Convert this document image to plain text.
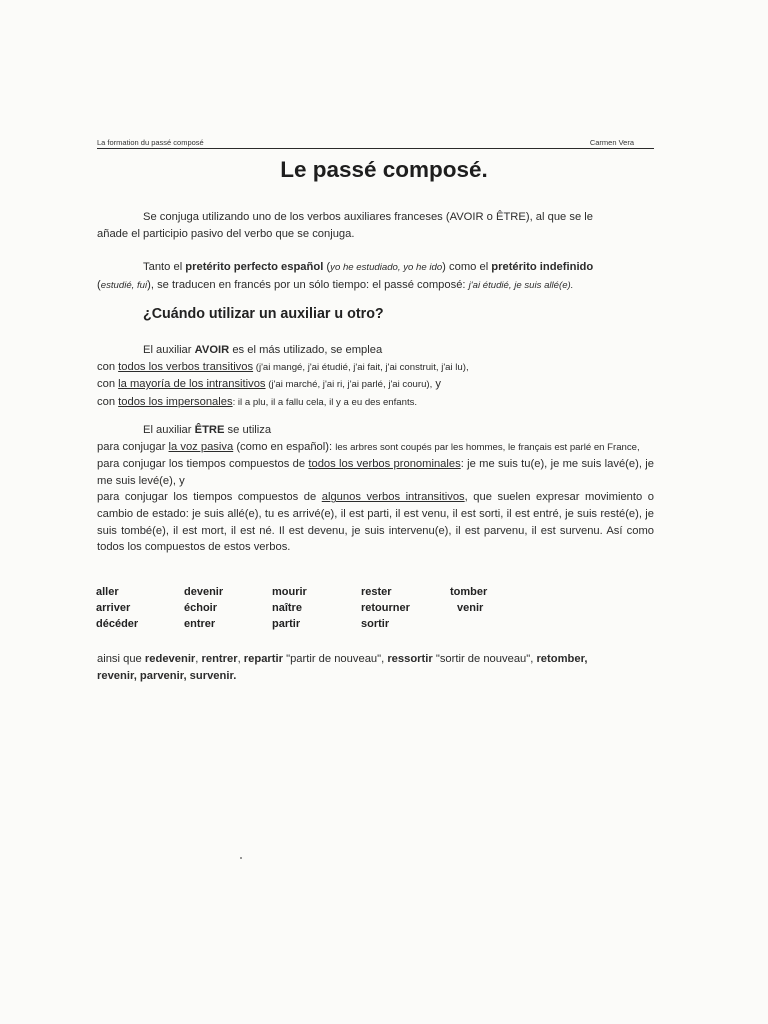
La formation du passé composé	Carmen Vera
Le passé composé.
Se conjuga utilizando uno de los verbos auxiliares franceses (AVOIR o ÊTRE), al que se le
añade el participio pasivo del verbo que se conjuga.
Tanto el pretérito perfecto español (yo he estudiado, yo he ido) como el pretérito indefinido
(estudié, fui), se traducen en francés por un sólo tiempo: el passé composé: j'ai étudié, je suis allé(e).
¿Cuándo utilizar un auxiliar u otro?
El auxiliar AVOIR es el más utilizado, se emplea
con todos los verbos transitivos (j'ai mangé, j'ai étudié, j'ai fait, j'ai construit, j'ai lu),
con la mayoría de los intransitivos (j'ai marché, j'ai ri, j'ai parlé, j'ai couru), y
con todos los impersonales: il a plu, il a fallu cela, il y a eu des enfants.
El auxiliar ÊTRE se utiliza
para conjugar la voz pasiva (como en español): les arbres sont coupés par les hommes, le français est parlé en France,
para conjugar los tiempos compuestos de todos los verbos pronominales: je me suis tu(e), je me suis lavé(e), je me suis levé(e), y
para conjugar los tiempos compuestos de algunos verbos intransitivos, que suelen expresar movimiento o cambio de estado: je suis allé(e), tu es arrivé(e), il est parti, il est venu, il est sorti, il est entré, je suis resté(e), je suis tombé(e), il est mort, il est né. Il est devenu, je suis intervenu(e), il est parvenu, il est survenu. Así como todos los compuestos de estos verbos.
aller	devenir	mourir	rester	tomber
arriver	échoir	naître	retourner	venir
décéder	entrer	partir	sortir
ainsi que redevenir, rentrer, repartir "partir de nouveau", ressortir "sortir de nouveau", retomber,
revenir, parvenir, survenir.
